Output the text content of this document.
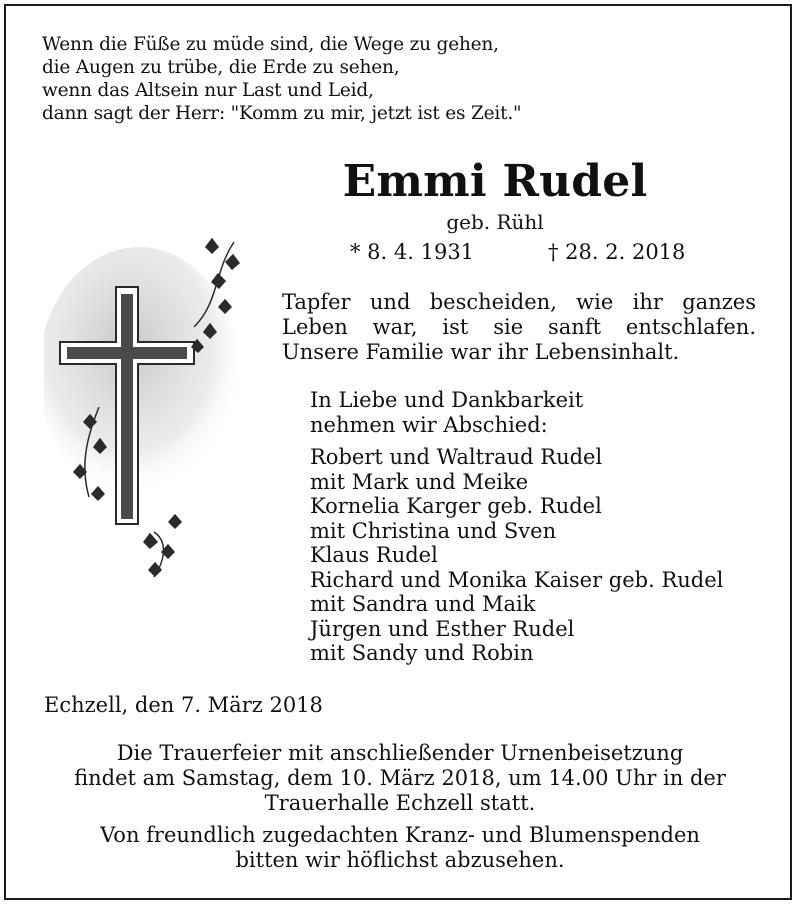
Wenn die Füße zu müde sind, die Wege zu gehen,
die Augen zu trübe, die Erde zu sehen,
wenn das Altsein nur Last und Leid,
dann sagt der Herr: "Komm zu mir, jetzt ist es Zeit."
Emmi Rudel
geb. Rühl
* 8. 4. 1931	† 28. 2. 2018
Tapfer und bescheiden, wie ihr ganzes
Leben war, ist sie sanft entschlafen.
Unsere Familie war ihr Lebensinhalt.
In Liebe und Dankbarkeit
nehmen wir Abschied:
Robert und Waltraud Rudel
mit Mark und Meike
Kornelia Karger geb. Rudel
mit Christina und Sven
Klaus Rudel
Richard und Monika Kaiser geb. Rudel
mit Sandra und Maik
Jürgen und Esther Rudel
mit Sandy und Robin
Echzell, den 7. März 2018
Die Trauerfeier mit anschließender Urnenbeisetzung
findet am Samstag, dem 10. März 2018, um 14.00 Uhr in der
Trauerhalle Echzell statt.
Von freundlich zugedachten Kranz- und Blumenspenden
bitten wir höflichst abzusehen.
